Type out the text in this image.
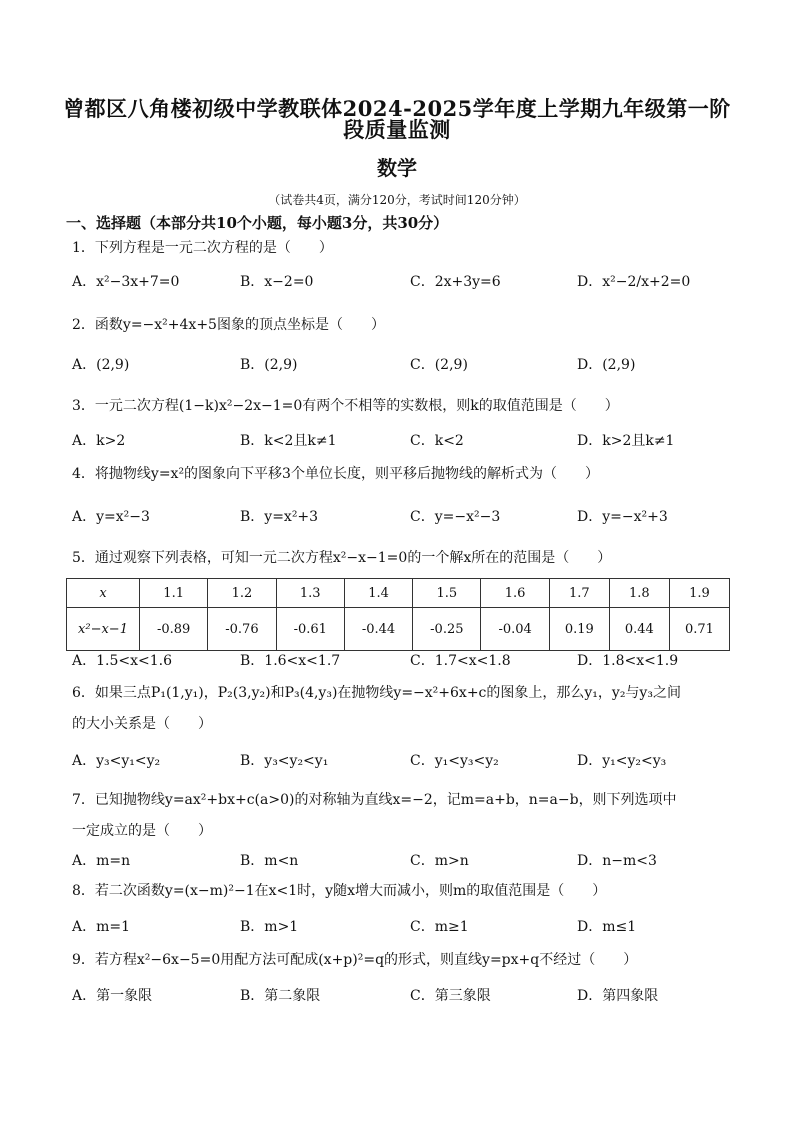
曾都区八角楼初级中学教联体2024-2025学年度上学期九年级第一阶
段质量监测
数学
（试卷共4页，满分120分，考试时间120分钟）
一、选择题（本部分共10个小题，每小题3分，共30分）
1．下列方程是一元二次方程的是（　　）
A．x²−3x+7=0	B．x−2=0	C．2x+3y=6	D．x²−2/x+2=0
2．函数y=−x²+4x+5图象的顶点坐标是（　　）
A．(2,9)	B．(2,9)	C．(2,9)	D．(2,9)
3．一元二次方程(1−k)x²−2x−1=0有两个不相等的实数根，则k的取值范围是（　　）
A．k>2	B．k<2且k≠1	C．k<2	D．k>2且k≠1
4．将抛物线y=x²的图象向下平移3个单位长度，则平移后抛物线的解析式为（　　）
A．y=x²−3	B．y=x²+3	C．y=−x²−3	D．y=−x²+3
5．通过观察下列表格，可知一元二次方程x²−x−1=0的一个解x所在的范围是（　　）
x	1.1	1.2	1.3	1.4	1.5	1.6	1.7	1.8	1.9
x²−x−1	-0.89	-0.76	-0.61	-0.44	-0.25	-0.04	0.19	0.44	0.71
A．1.5<x<1.6	B．1.6<x<1.7	C．1.7<x<1.8	D．1.8<x<1.9
6．如果三点P₁(1,y₁)，P₂(3,y₂)和P₃(4,y₃)在抛物线y=−x²+6x+c的图象上，那么y₁，y₂与y₃之间
的大小关系是（　　）
A．y₃<y₁<y₂	B．y₃<y₂<y₁	C．y₁<y₃<y₂	D．y₁<y₂<y₃
7．已知抛物线y=ax²+bx+c(a>0)的对称轴为直线x=−2，记m=a+b，n=a−b，则下列选项中
一定成立的是（　　）
A．m=n	B．m<n	C．m>n	D．n−m<3
8．若二次函数y=(x−m)²−1在x<1时，y随x增大而减小，则m的取值范围是（　　）
A．m=1	B．m>1	C．m≥1	D．m≤1
9．若方程x²−6x−5=0用配方法可配成(x+p)²=q的形式，则直线y=px+q不经过（　　）
A．第一象限	B．第二象限	C．第三象限	D．第四象限
